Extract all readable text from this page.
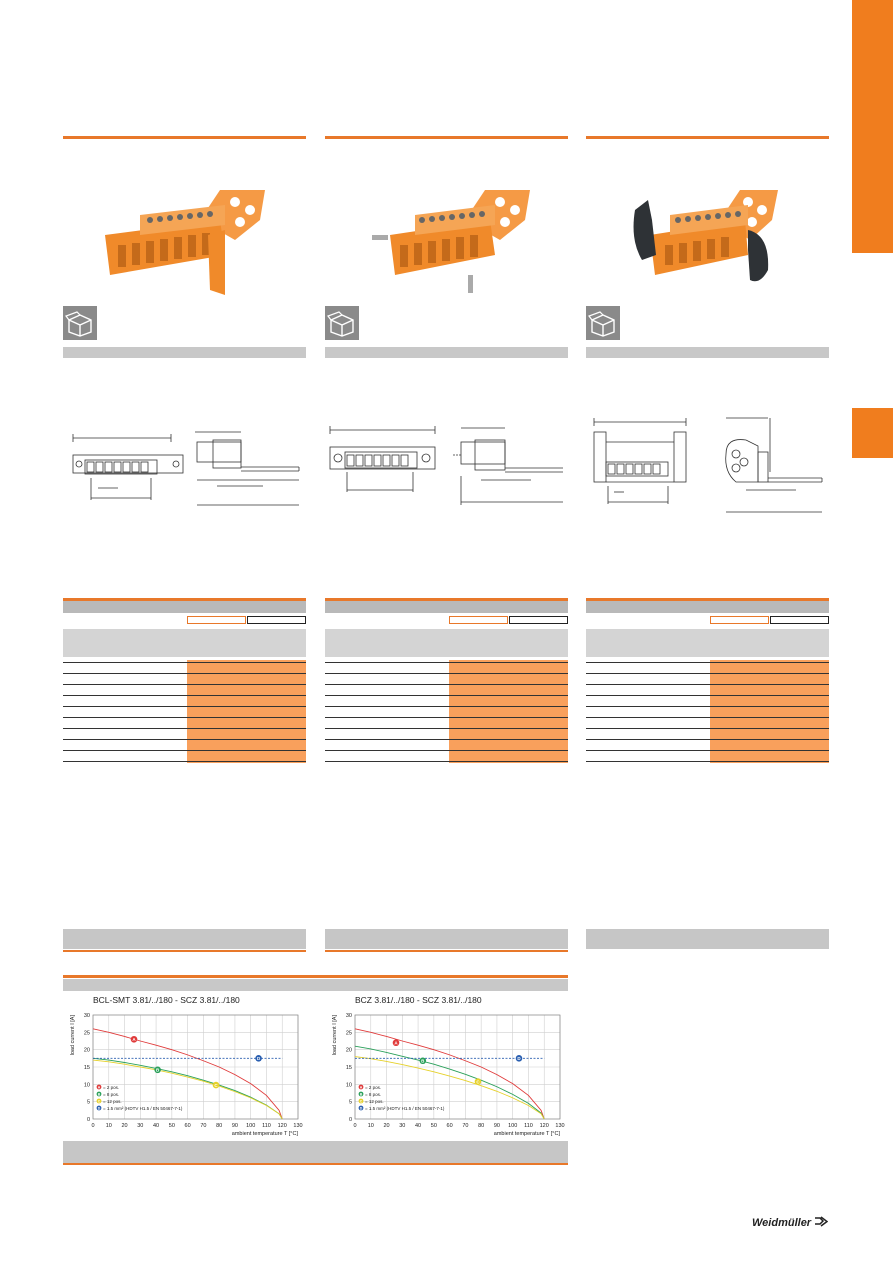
BCL-SMT 3.81/../180 - SCZ 3.81/../180	BCZ 3.81/../180 - SCZ 3.81/../180
0 10 20 30 40 50 60 70 80 90 100 110 120 130
0
5
10
15
20
25
30
ambient temperature T [°C]
load current I [A]	A
B
C
D
A = 2 pos.
B = 8 pos.
C = 12 pos.
D = 1.5 mm² (HDTV H1.5 / EN 50467-7-1)
0 10 20 30 40 50 60 70 80 90 100 110 120 130
0
5
10
15
20
25
30
ambient temperature T [°C]
load current I [A]	A
B
C
D
A = 2 pos.
B = 8 pos.
C = 12 pos.
D = 1.5 mm² (HDTV H1.5 / EN 50467-7-1)
Weidmüller
